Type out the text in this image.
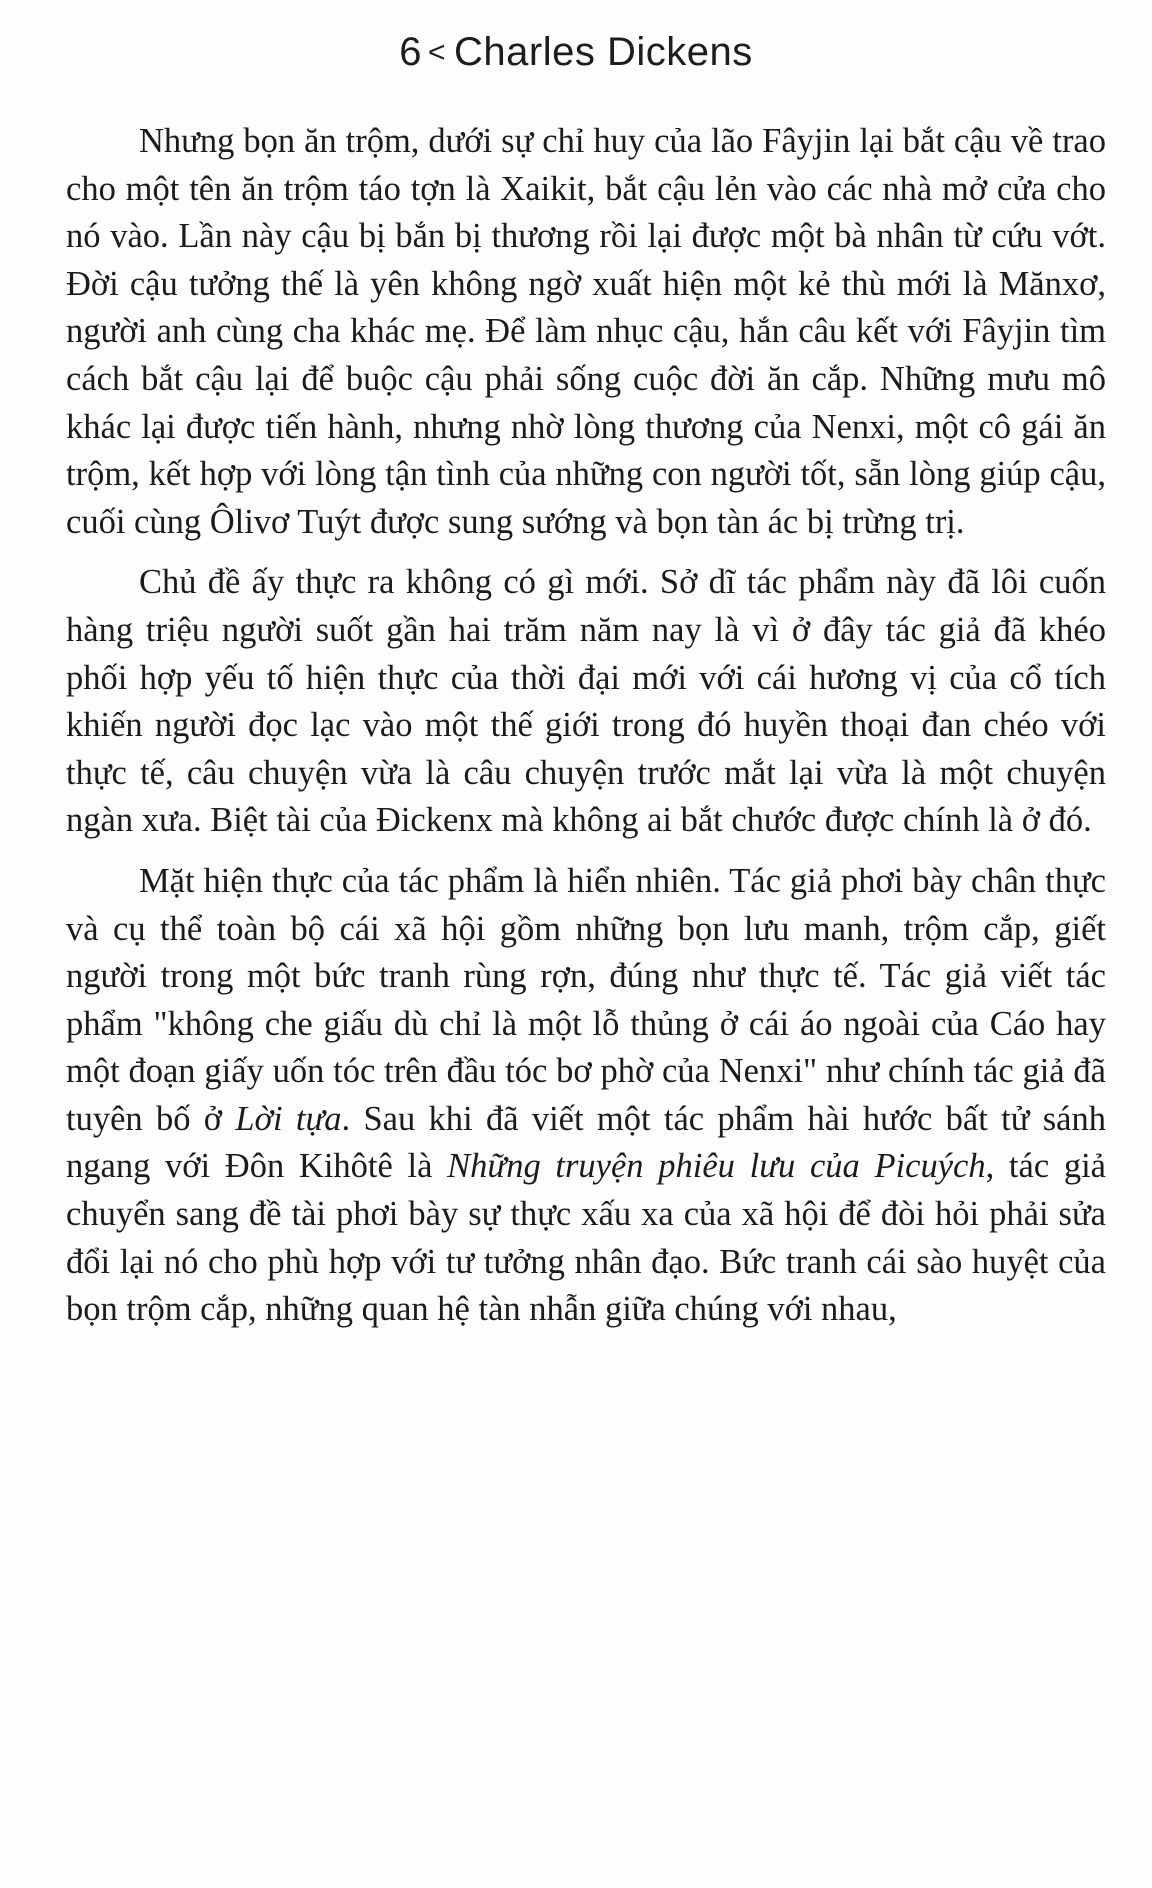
6 < Charles Dickens

Nhưng bọn ăn trộm, dưới sự chỉ huy của lão Fâyjin lại bắt cậu về trao cho một tên ăn trộm táo tợn là Xaikit, bắt cậu lẻn vào các nhà mở cửa cho nó vào. Lần này cậu bị bắn bị thương rồi lại được một bà nhân từ cứu vớt. Đời cậu tưởng thế là yên không ngờ xuất hiện một kẻ thù mới là Mănxơ, người anh cùng cha khác mẹ. Để làm nhục cậu, hắn câu kết với Fâyjin tìm cách bắt cậu lại để buộc cậu phải sống cuộc đời ăn cắp. Những mưu mô khác lại được tiến hành, nhưng nhờ lòng thương của Nenxi, một cô gái ăn trộm, kết hợp với lòng tận tình của những con người tốt, sẵn lòng giúp cậu, cuối cùng Ôlivơ Tuýt được sung sướng và bọn tàn ác bị trừng trị.

Chủ đề ấy thực ra không có gì mới. Sở dĩ tác phẩm này đã lôi cuốn hàng triệu người suốt gần hai trăm năm nay là vì ở đây tác giả đã khéo phối hợp yếu tố hiện thực của thời đại mới với cái hương vị của cổ tích khiến người đọc lạc vào một thế giới trong đó huyền thoại đan chéo với thực tế, câu chuyện vừa là câu chuyện trước mắt lại vừa là một chuyện ngàn xưa. Biệt tài của Đickenx mà không ai bắt chước được chính là ở đó.

Mặt hiện thực của tác phẩm là hiển nhiên. Tác giả phơi bày chân thực và cụ thể toàn bộ cái xã hội gồm những bọn lưu manh, trộm cắp, giết người trong một bức tranh rùng rợn, đúng như thực tế. Tác giả viết tác phẩm "không che giấu dù chỉ là một lỗ thủng ở cái áo ngoài của Cáo hay một đoạn giấy uốn tóc trên đầu tóc bơ phờ của Nenxi" như chính tác giả đã tuyên bố ở Lời tựa. Sau khi đã viết một tác phẩm hài hước bất tử sánh ngang với Đôn Kihôtê là Những truyện phiêu lưu của Picuých, tác giả chuyển sang đề tài phơi bày sự thực xấu xa của xã hội để đòi hỏi phải sửa đổi lại nó cho phù hợp với tư tưởng nhân đạo. Bức tranh cái sào huyệt của bọn trộm cắp, những quan hệ tàn nhẫn giữa chúng với nhau,
